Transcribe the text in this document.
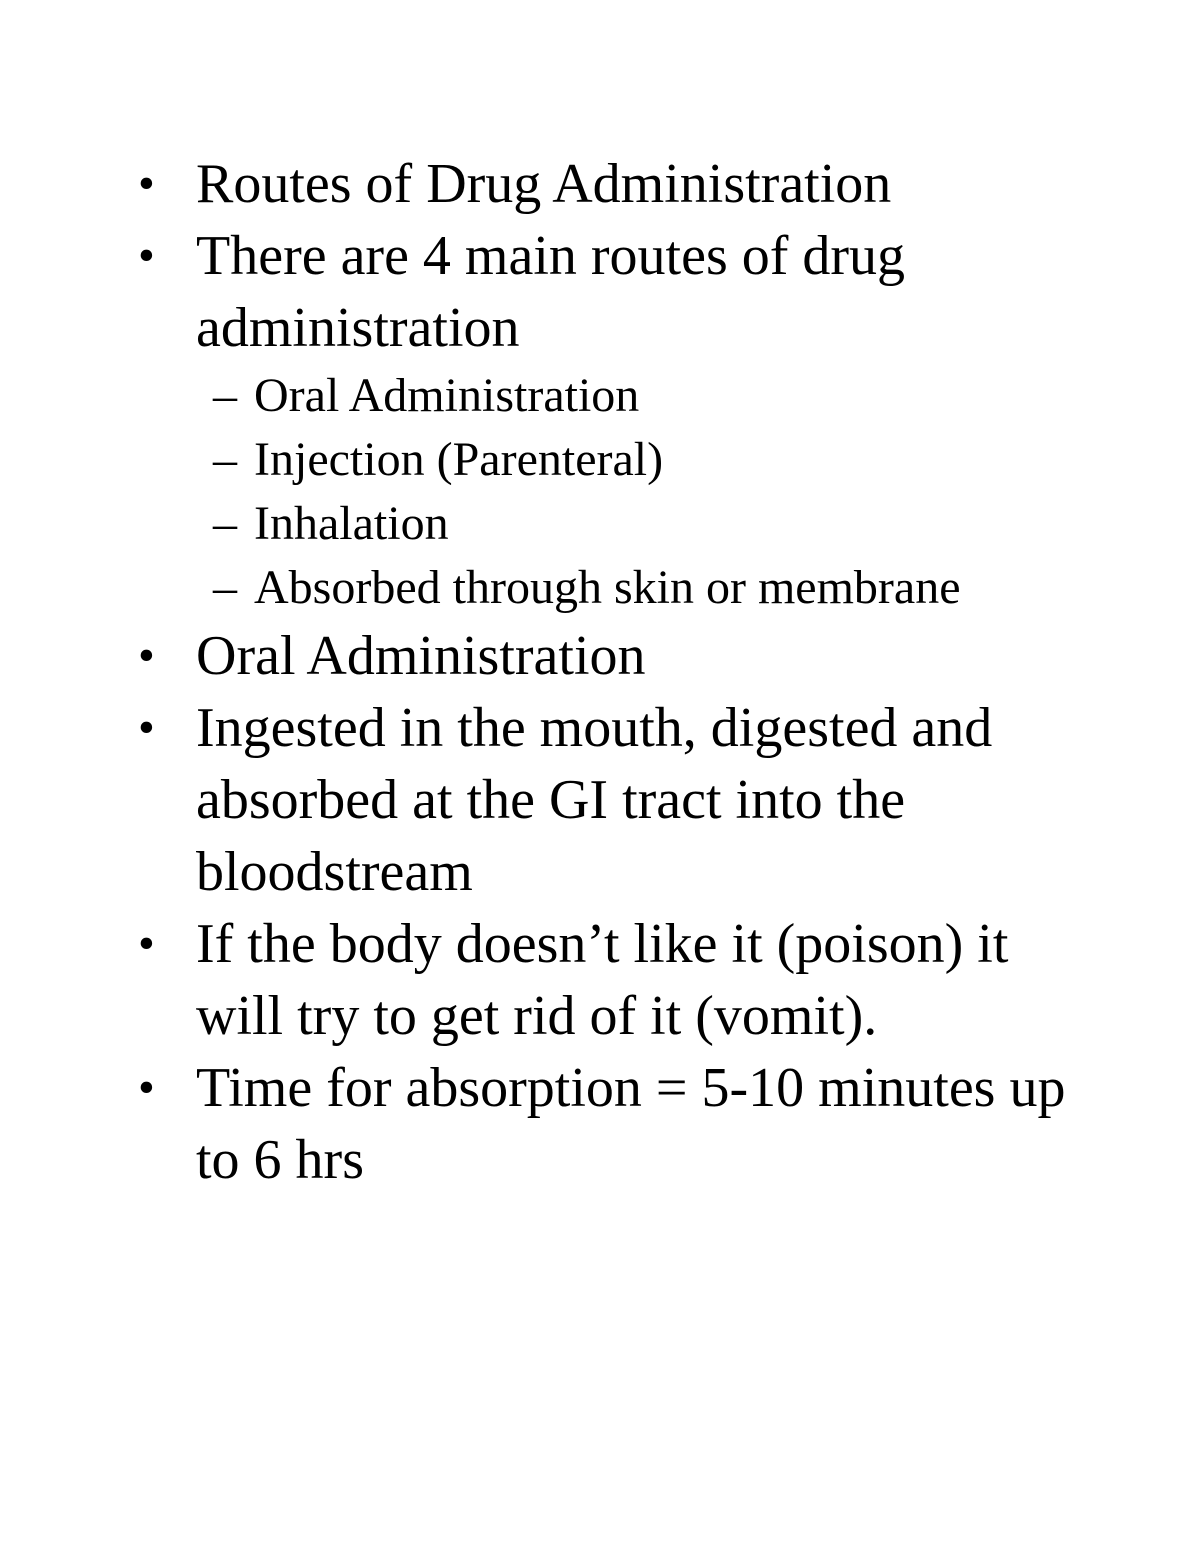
• Routes of Drug Administration
• There are 4 main routes of drug administration
– Oral Administration
– Injection (Parenteral)
– Inhalation
– Absorbed through skin or membrane
• Oral Administration
• Ingested in the mouth, digested and absorbed at the GI tract into the bloodstream
• If the body doesn’t like it (poison) it will try to get rid of it (vomit).
• Time for absorption = 5-10 minutes up to 6 hrs
